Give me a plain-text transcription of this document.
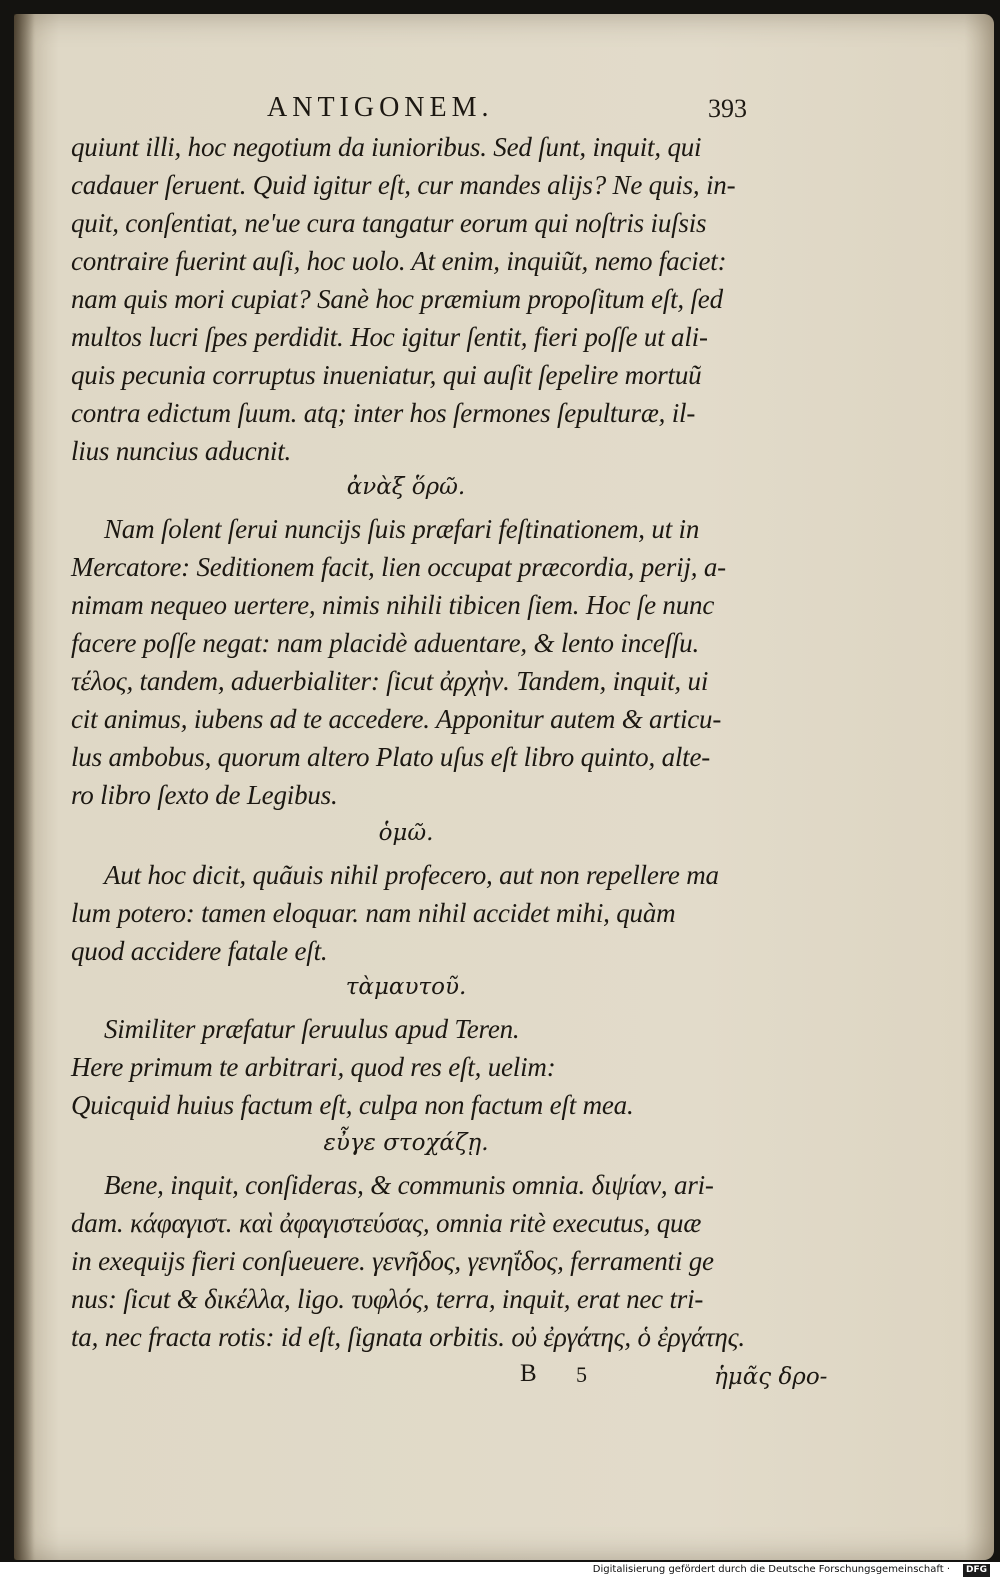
ANTIGONEM.	393

quiunt illi, hoc negotium da iunioribus. Sed ſunt, inquit, qui

cadauer ſeruent. Quid igitur eſt, cur mandes alijs? Ne quis, in-

quit, conſentiat, ne'ue cura tangatur eorum qui noſtris iuſsis

contraire fuerint auſi, hoc uolo. At enim, inquiũt, nemo faciet:

nam quis mori cupiat? Sanè hoc præmium propoſitum eſt, ſed

multos lucri ſpes perdidit. Hoc igitur ſentit, fieri poſſe ut ali-

quis pecunia corruptus inueniatur, qui auſit ſepelire mortuũ

contra edictum ſuum. atq; inter hos ſermones ſepulturæ, il-

lius nuncius aducnit.

ἀνὰξ ὅρῶ.

Nam ſolent ſerui nuncijs ſuis præfari feſtinationem, ut in

Mercatore: Seditionem facit, lien occupat præcordia, perij, a-

nimam nequeo uertere, nimis nihili tibicen ſiem. Hoc ſe nunc

facere poſſe negat: nam placidè aduentare, & lento inceſſu.

τέλος, tandem, aduerbialiter: ſicut ἀρχὴν. Tandem, inquit, ui

cit animus, iubens ad te accedere. Apponitur autem & articu-

lus ambobus, quorum altero Plato uſus eſt libro quinto, alte-

ro libro ſexto de Legibus.

ὁμῶ.

Aut hoc dicit, quãuis nihil profecero, aut non repellere ma

lum potero: tamen eloquar. nam nihil accidet mihi, quàm

quod accidere fatale eſt.

τὰμαυτοῦ.

Similiter præfatur ſeruulus apud Teren.

Here primum te arbitrari, quod res eſt, uelim:

Quicquid huius factum eſt, culpa non factum eſt mea.

εὖγε στοχάζῃ.

Bene, inquit, conſideras, & communis omnia. διψίαν, ari-

dam. κάφαγιστ. καὶ ἀφαγιστεύσας, omnia ritè executus, quæ

in exequijs fieri conſueuere. γενῆδος, γενηΐδος, ferramenti ge

nus: ſicut & δικέλλα, ligo. τυφλός, terra, inquit, erat nec tri-

ta, nec fracta rotis: id eſt, ſignata orbitis. οὐ ἐργάτης, ὁ ἐργάτης.

B 5	ἡμᾶς δρο-

Digitalisierung gefördert durch die Deutsche Forschungsgemeinschaft ·	DFG
